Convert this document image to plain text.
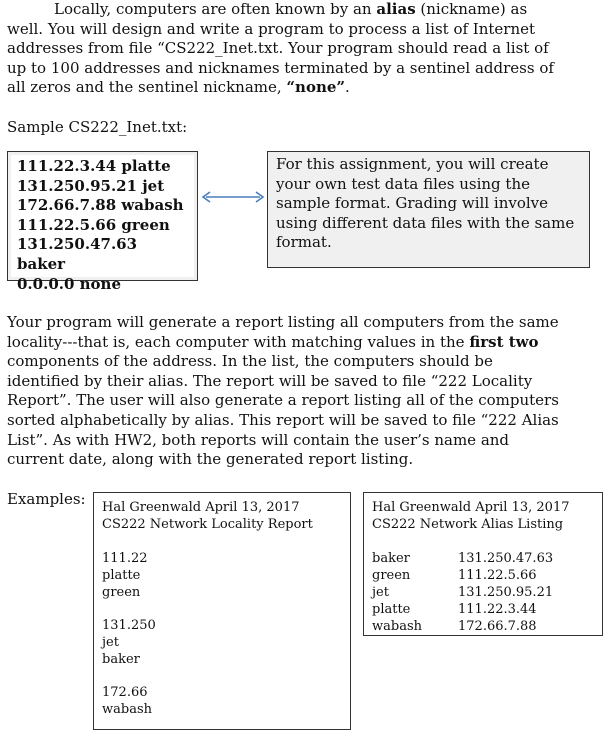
Locally, computers are often known by an alias (nickname) as
well. You will design and write a program to process a list of Internet
addresses from file “CS222_Inet.txt. Your program should read a list of
up to 100 addresses and nicknames terminated by a sentinel address of
all zeros and the sentinel nickname, “none”.
Sample CS222_Inet.txt:
111.22.3.44 platte
131.250.95.21 jet
172.66.7.88 wabash
111.22.5.66 green
131.250.47.63 baker
0.0.0.0 none
For this assignment, you will create
your own test data files using the
sample format. Grading will involve
using different data files with the same
format.
Your program will generate a report listing all computers from the same
locality---that is, each computer with matching values in the first two
components of the address. In the list, the computers should be
identified by their alias. The report will be saved to file “222 Locality
Report”. The user will also generate a report listing all of the computers
sorted alphabetically by alias. This report will be saved to file “222 Alias
List”. As with HW2, both reports will contain the user’s name and
current date, along with the generated report listing.
Examples: Hal Greenwald April 13, 2017
CS222 Network Locality Report
111.22
platte
green
131.250
jet
baker
172.66
wabash
Hal Greenwald April 13, 2017
CS222 Network Alias Listing
baker	131.250.47.63
green	111.22.5.66
jet	131.250.95.21
platte	111.22.3.44
wabash	172.66.7.88
